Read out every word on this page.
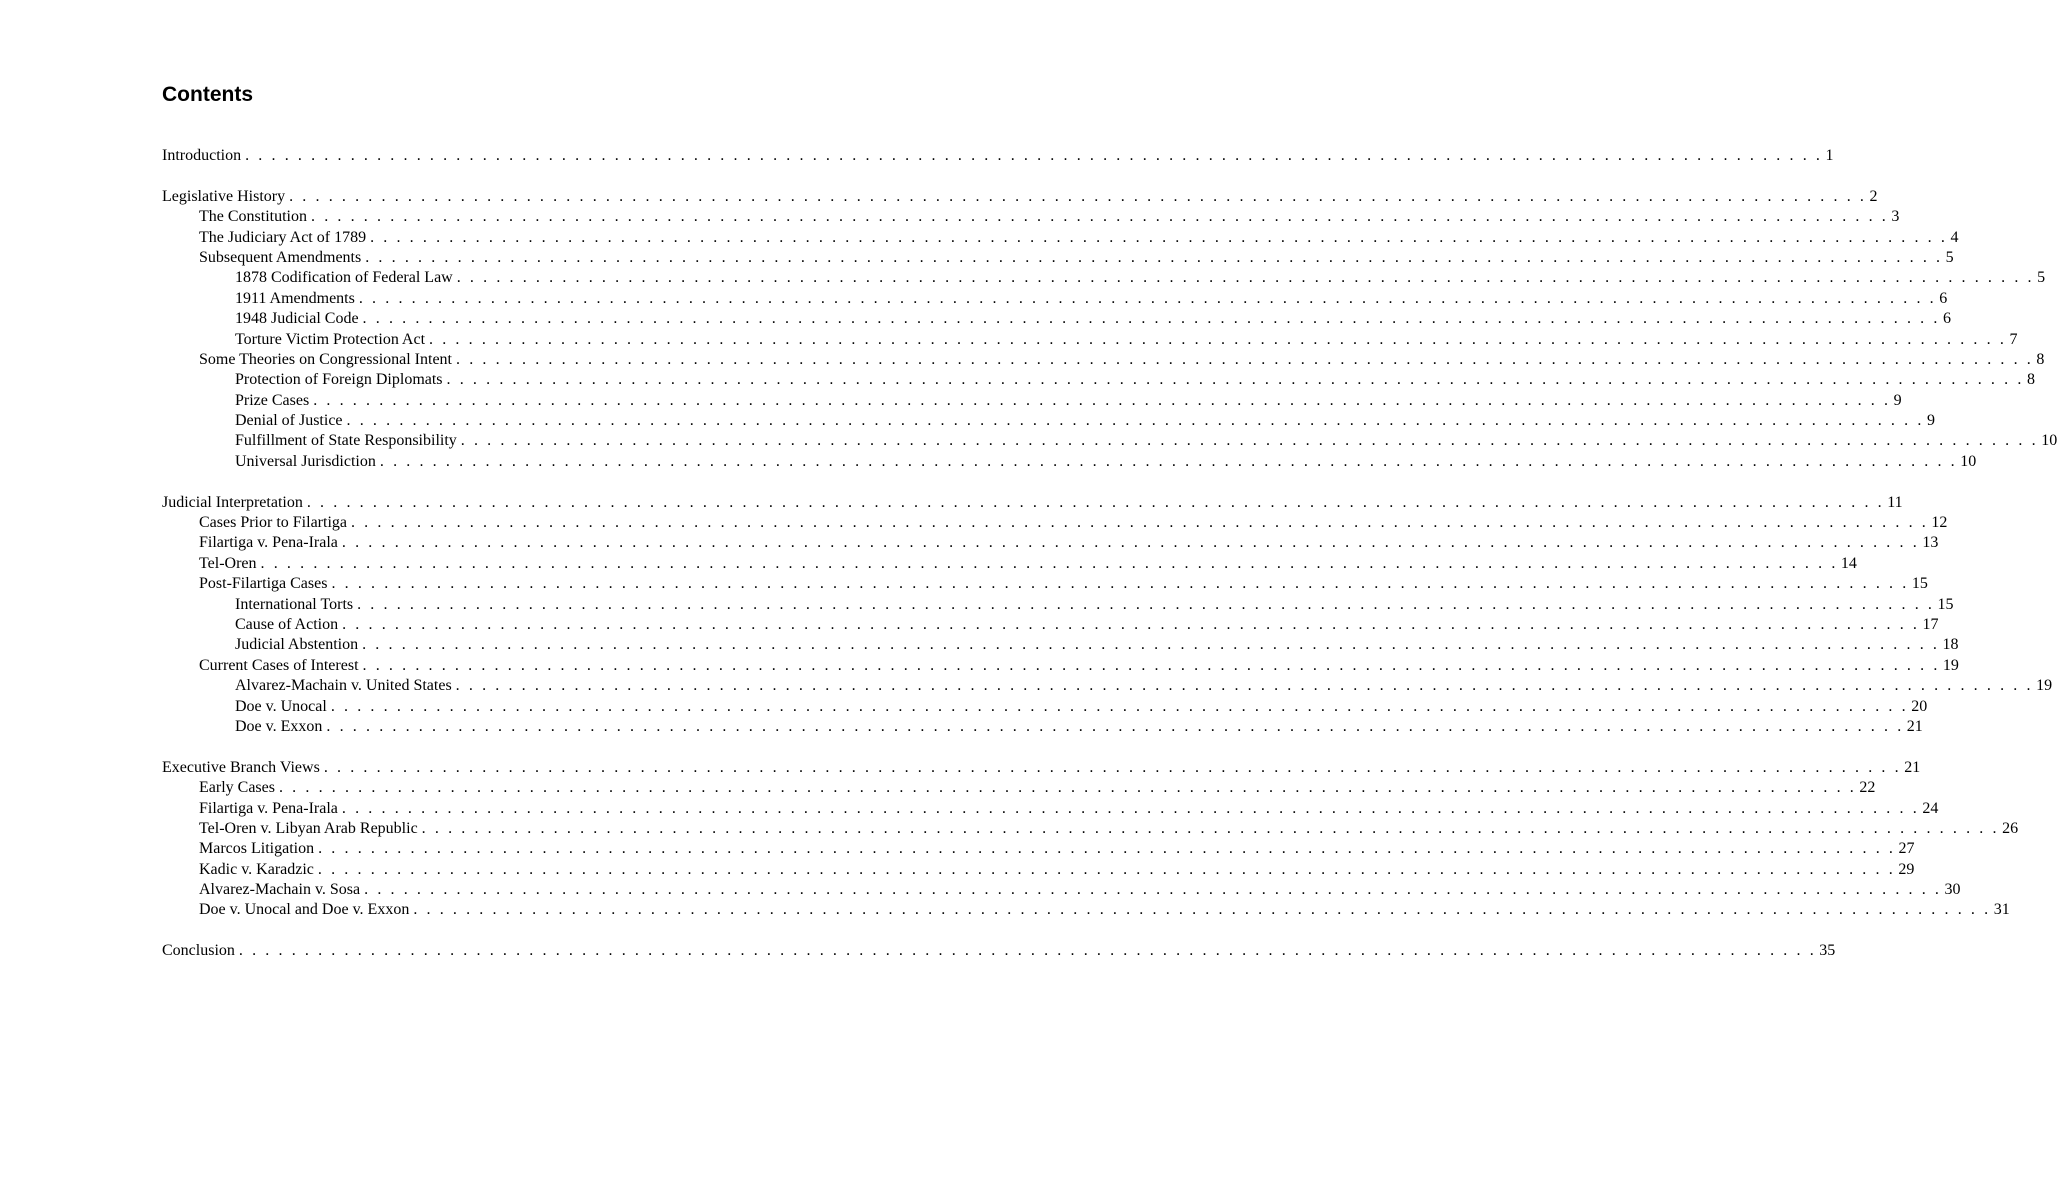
Contents
Introduction . . . . . . . . . . . . . . . . . . . . . . . . . . . . . . . . . . . . . . . . . . . . . . . . . . . . . . . . . . . . . . . . . . . . . . . . . . . . . . . . . . . . . . . . . . . . . . . . . . . . . . . . . . . . . . . . . . . . . . . . 1
Legislative History . . . . . . . . . . . . . . . . . . . . . . . . . . . . . . . . . . . . . . . . . . . . . . . . . . . . . . . . . . . . . . . . . . . . . . . . . . . . . . . . . . . . . . . . . . . . . . . . . . . . . . . . . . . . . . . . . . . . . . . . 2
The Constitution . . . . . . . . . . . . . . . . . . . . . . . . . . . . . . . . . . . . . . . . . . . . . . . . . . . . . . . . . . . . . . . . . . . . . . . . . . . . . . . . . . . . . . . . . . . . . . . . . . . . . . . . . . . . . . . . . . . . . . . . 3
The Judiciary Act of 1789 . . . . . . . . . . . . . . . . . . . . . . . . . . . . . . . . . . . . . . . . . . . . . . . . . . . . . . . . . . . . . . . . . . . . . . . . . . . . . . . . . . . . . . . . . . . . . . . . . . . . . . . . . . . . . . . . . . . . . . . . 4
Subsequent Amendments . . . . . . . . . . . . . . . . . . . . . . . . . . . . . . . . . . . . . . . . . . . . . . . . . . . . . . . . . . . . . . . . . . . . . . . . . . . . . . . . . . . . . . . . . . . . . . . . . . . . . . . . . . . . . . . . . . . . . . . . 5
1878 Codification of Federal Law . . . . . . . . . . . . . . . . . . . . . . . . . . . . . . . . . . . . . . . . . . . . . . . . . . . . . . . . . . . . . . . . . . . . . . . . . . . . . . . . . . . . . . . . . . . . . . . . . . . . . . . . . . . . . . . . . . . . . . . . 5
1911 Amendments . . . . . . . . . . . . . . . . . . . . . . . . . . . . . . . . . . . . . . . . . . . . . . . . . . . . . . . . . . . . . . . . . . . . . . . . . . . . . . . . . . . . . . . . . . . . . . . . . . . . . . . . . . . . . . . . . . . . . . . . 6
1948 Judicial Code . . . . . . . . . . . . . . . . . . . . . . . . . . . . . . . . . . . . . . . . . . . . . . . . . . . . . . . . . . . . . . . . . . . . . . . . . . . . . . . . . . . . . . . . . . . . . . . . . . . . . . . . . . . . . . . . . . . . . . . . 6
Torture Victim Protection Act . . . . . . . . . . . . . . . . . . . . . . . . . . . . . . . . . . . . . . . . . . . . . . . . . . . . . . . . . . . . . . . . . . . . . . . . . . . . . . . . . . . . . . . . . . . . . . . . . . . . . . . . . . . . . . . . . . . . . . . . 7
Some Theories on Congressional Intent . . . . . . . . . . . . . . . . . . . . . . . . . . . . . . . . . . . . . . . . . . . . . . . . . . . . . . . . . . . . . . . . . . . . . . . . . . . . . . . . . . . . . . . . . . . . . . . . . . . . . . . . . . . . . . . . . . . . . . . . 8
Protection of Foreign Diplomats . . . . . . . . . . . . . . . . . . . . . . . . . . . . . . . . . . . . . . . . . . . . . . . . . . . . . . . . . . . . . . . . . . . . . . . . . . . . . . . . . . . . . . . . . . . . . . . . . . . . . . . . . . . . . . . . . . . . . . . . 8
Prize Cases . . . . . . . . . . . . . . . . . . . . . . . . . . . . . . . . . . . . . . . . . . . . . . . . . . . . . . . . . . . . . . . . . . . . . . . . . . . . . . . . . . . . . . . . . . . . . . . . . . . . . . . . . . . . . . . . . . . . . . . . 9
Denial of Justice . . . . . . . . . . . . . . . . . . . . . . . . . . . . . . . . . . . . . . . . . . . . . . . . . . . . . . . . . . . . . . . . . . . . . . . . . . . . . . . . . . . . . . . . . . . . . . . . . . . . . . . . . . . . . . . . . . . . . . . . 9
Fulfillment of State Responsibility . . . . . . . . . . . . . . . . . . . . . . . . . . . . . . . . . . . . . . . . . . . . . . . . . . . . . . . . . . . . . . . . . . . . . . . . . . . . . . . . . . . . . . . . . . . . . . . . . . . . . . . . . . . . . . . . . . . . . . . . 10
Universal Jurisdiction . . . . . . . . . . . . . . . . . . . . . . . . . . . . . . . . . . . . . . . . . . . . . . . . . . . . . . . . . . . . . . . . . . . . . . . . . . . . . . . . . . . . . . . . . . . . . . . . . . . . . . . . . . . . . . . . . . . . . . . . 10
Judicial Interpretation . . . . . . . . . . . . . . . . . . . . . . . . . . . . . . . . . . . . . . . . . . . . . . . . . . . . . . . . . . . . . . . . . . . . . . . . . . . . . . . . . . . . . . . . . . . . . . . . . . . . . . . . . . . . . . . . . . . . . . . . 11
Cases Prior to Filartiga . . . . . . . . . . . . . . . . . . . . . . . . . . . . . . . . . . . . . . . . . . . . . . . . . . . . . . . . . . . . . . . . . . . . . . . . . . . . . . . . . . . . . . . . . . . . . . . . . . . . . . . . . . . . . . . . . . . . . . . . 12
Filartiga v. Pena-Irala . . . . . . . . . . . . . . . . . . . . . . . . . . . . . . . . . . . . . . . . . . . . . . . . . . . . . . . . . . . . . . . . . . . . . . . . . . . . . . . . . . . . . . . . . . . . . . . . . . . . . . . . . . . . . . . . . . . . . . . . 13
Tel-Oren . . . . . . . . . . . . . . . . . . . . . . . . . . . . . . . . . . . . . . . . . . . . . . . . . . . . . . . . . . . . . . . . . . . . . . . . . . . . . . . . . . . . . . . . . . . . . . . . . . . . . . . . . . . . . . . . . . . . . . . . 14
Post-Filartiga Cases . . . . . . . . . . . . . . . . . . . . . . . . . . . . . . . . . . . . . . . . . . . . . . . . . . . . . . . . . . . . . . . . . . . . . . . . . . . . . . . . . . . . . . . . . . . . . . . . . . . . . . . . . . . . . . . . . . . . . . . . 15
International Torts . . . . . . . . . . . . . . . . . . . . . . . . . . . . . . . . . . . . . . . . . . . . . . . . . . . . . . . . . . . . . . . . . . . . . . . . . . . . . . . . . . . . . . . . . . . . . . . . . . . . . . . . . . . . . . . . . . . . . . . . 15
Cause of Action . . . . . . . . . . . . . . . . . . . . . . . . . . . . . . . . . . . . . . . . . . . . . . . . . . . . . . . . . . . . . . . . . . . . . . . . . . . . . . . . . . . . . . . . . . . . . . . . . . . . . . . . . . . . . . . . . . . . . . . . 17
Judicial Abstention . . . . . . . . . . . . . . . . . . . . . . . . . . . . . . . . . . . . . . . . . . . . . . . . . . . . . . . . . . . . . . . . . . . . . . . . . . . . . . . . . . . . . . . . . . . . . . . . . . . . . . . . . . . . . . . . . . . . . . . . 18
Current Cases of Interest . . . . . . . . . . . . . . . . . . . . . . . . . . . . . . . . . . . . . . . . . . . . . . . . . . . . . . . . . . . . . . . . . . . . . . . . . . . . . . . . . . . . . . . . . . . . . . . . . . . . . . . . . . . . . . . . . . . . . . . . 19
Alvarez-Machain v. United States . . . . . . . . . . . . . . . . . . . . . . . . . . . . . . . . . . . . . . . . . . . . . . . . . . . . . . . . . . . . . . . . . . . . . . . . . . . . . . . . . . . . . . . . . . . . . . . . . . . . . . . . . . . . . . . . . . . . . . . . 19
Doe v. Unocal . . . . . . . . . . . . . . . . . . . . . . . . . . . . . . . . . . . . . . . . . . . . . . . . . . . . . . . . . . . . . . . . . . . . . . . . . . . . . . . . . . . . . . . . . . . . . . . . . . . . . . . . . . . . . . . . . . . . . . . . 20
Doe v. Exxon . . . . . . . . . . . . . . . . . . . . . . . . . . . . . . . . . . . . . . . . . . . . . . . . . . . . . . . . . . . . . . . . . . . . . . . . . . . . . . . . . . . . . . . . . . . . . . . . . . . . . . . . . . . . . . . . . . . . . . . . 21
Executive Branch Views . . . . . . . . . . . . . . . . . . . . . . . . . . . . . . . . . . . . . . . . . . . . . . . . . . . . . . . . . . . . . . . . . . . . . . . . . . . . . . . . . . . . . . . . . . . . . . . . . . . . . . . . . . . . . . . . . . . . . . . . 21
Early Cases . . . . . . . . . . . . . . . . . . . . . . . . . . . . . . . . . . . . . . . . . . . . . . . . . . . . . . . . . . . . . . . . . . . . . . . . . . . . . . . . . . . . . . . . . . . . . . . . . . . . . . . . . . . . . . . . . . . . . . . . 22
Filartiga v. Pena-Irala . . . . . . . . . . . . . . . . . . . . . . . . . . . . . . . . . . . . . . . . . . . . . . . . . . . . . . . . . . . . . . . . . . . . . . . . . . . . . . . . . . . . . . . . . . . . . . . . . . . . . . . . . . . . . . . . . . . . . . . . 24
Tel-Oren v. Libyan Arab Republic . . . . . . . . . . . . . . . . . . . . . . . . . . . . . . . . . . . . . . . . . . . . . . . . . . . . . . . . . . . . . . . . . . . . . . . . . . . . . . . . . . . . . . . . . . . . . . . . . . . . . . . . . . . . . . . . . . . . . . . . 26
Marcos Litigation . . . . . . . . . . . . . . . . . . . . . . . . . . . . . . . . . . . . . . . . . . . . . . . . . . . . . . . . . . . . . . . . . . . . . . . . . . . . . . . . . . . . . . . . . . . . . . . . . . . . . . . . . . . . . . . . . . . . . . . . 27
Kadic v. Karadzic . . . . . . . . . . . . . . . . . . . . . . . . . . . . . . . . . . . . . . . . . . . . . . . . . . . . . . . . . . . . . . . . . . . . . . . . . . . . . . . . . . . . . . . . . . . . . . . . . . . . . . . . . . . . . . . . . . . . . . . . 29
Alvarez-Machain v. Sosa . . . . . . . . . . . . . . . . . . . . . . . . . . . . . . . . . . . . . . . . . . . . . . . . . . . . . . . . . . . . . . . . . . . . . . . . . . . . . . . . . . . . . . . . . . . . . . . . . . . . . . . . . . . . . . . . . . . . . . . . 30
Doe v. Unocal and Doe v. Exxon . . . . . . . . . . . . . . . . . . . . . . . . . . . . . . . . . . . . . . . . . . . . . . . . . . . . . . . . . . . . . . . . . . . . . . . . . . . . . . . . . . . . . . . . . . . . . . . . . . . . . . . . . . . . . . . . . . . . . . . . 31
Conclusion . . . . . . . . . . . . . . . . . . . . . . . . . . . . . . . . . . . . . . . . . . . . . . . . . . . . . . . . . . . . . . . . . . . . . . . . . . . . . . . . . . . . . . . . . . . . . . . . . . . . . . . . . . . . . . . . . . . . . . . . 35
